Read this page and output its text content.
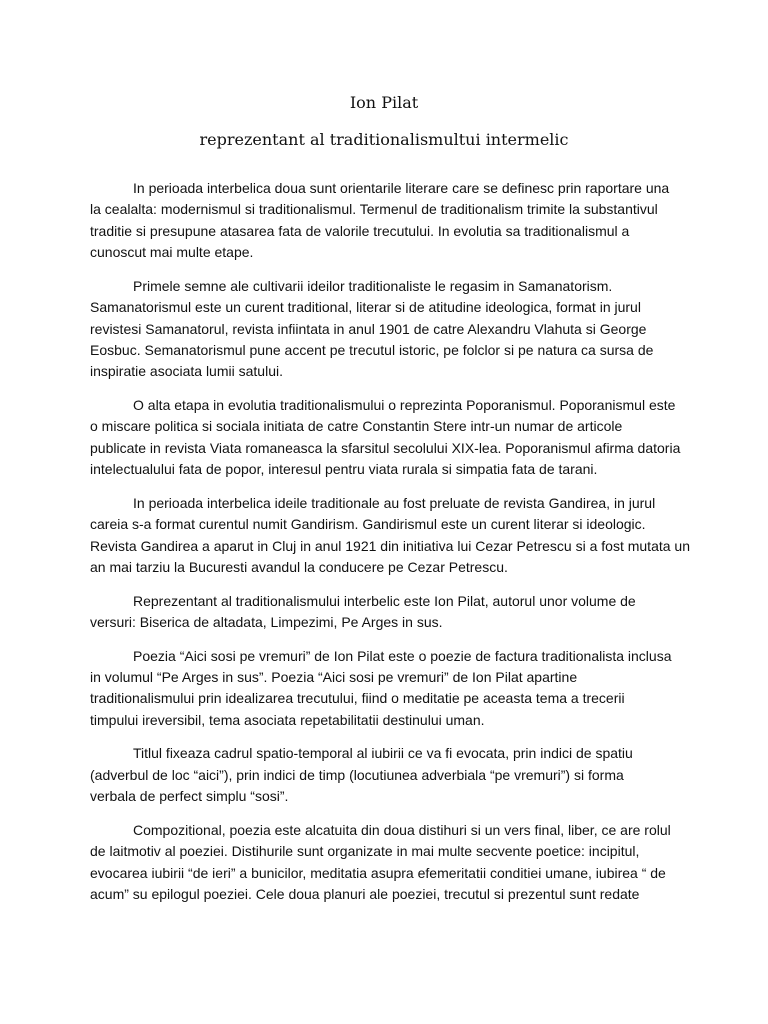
Ion Pilat
reprezentant al traditionalismultui intermelic
In perioada interbelica doua sunt orientarile literare care se definesc prin raportare una
la cealalta: modernismul si traditionalismul. Termenul de traditionalism trimite la substantivul
traditie si presupune atasarea fata de valorile trecutului. In evolutia sa traditionalismul a
cunoscut mai multe etape.
Primele semne ale cultivarii ideilor traditionaliste le regasim in Samanatorism.
Samanatorismul este un curent traditional, literar si de atitudine ideologica, format in jurul
revistesi Samanatorul, revista infiintata in anul 1901 de catre Alexandru Vlahuta si George
Eosbuc. Semanatorismul pune accent pe trecutul istoric, pe folclor si pe natura ca sursa de
inspiratie asociata lumii satului.
O alta etapa in evolutia traditionalismului o reprezinta Poporanismul. Poporanismul este
o miscare politica si sociala initiata de catre Constantin Stere intr-un numar de articole
publicate in revista Viata romaneasca la sfarsitul secolului XIX-lea. Poporanismul afirma datoria
intelectualului fata de popor, interesul pentru viata rurala si simpatia fata de tarani.
In perioada interbelica ideile traditionale au fost preluate de revista Gandirea, in jurul
careia s-a format curentul numit Gandirism. Gandirismul este un curent literar si ideologic.
Revista Gandirea a aparut in Cluj in anul 1921 din initiativa lui Cezar Petrescu si a fost mutata un
an mai tarziu la Bucuresti avandul la conducere pe Cezar Petrescu.
Reprezentant al traditionalismului interbelic este Ion Pilat, autorul unor volume de
versuri: Biserica de altadata, Limpezimi, Pe Arges in sus.
Poezia “Aici sosi pe vremuri” de Ion Pilat este o poezie de factura traditionalista inclusa
in volumul “Pe Arges in sus”. Poezia “Aici sosi pe vremuri” de Ion Pilat apartine
traditionalismului prin idealizarea trecutului, fiind o meditatie pe aceasta tema a trecerii
timpului ireversibil, tema asociata repetabilitatii destinului uman.
Titlul fixeaza cadrul spatio-temporal al iubirii ce va fi evocata, prin indici de spatiu
(adverbul de loc “aici”), prin indici de timp (locutiunea adverbiala “pe vremuri”) si forma
verbala de perfect simplu “sosi”.
Compozitional, poezia este alcatuita din doua distihuri si un vers final, liber, ce are rolul
de laitmotiv al poeziei. Distihurile sunt organizate in mai multe secvente poetice: incipitul,
evocarea iubirii “de ieri” a bunicilor, meditatia asupra efemeritatii conditiei umane, iubirea “ de
acum” su epilogul poeziei. Cele doua planuri ale poeziei, trecutul si prezentul sunt redate
